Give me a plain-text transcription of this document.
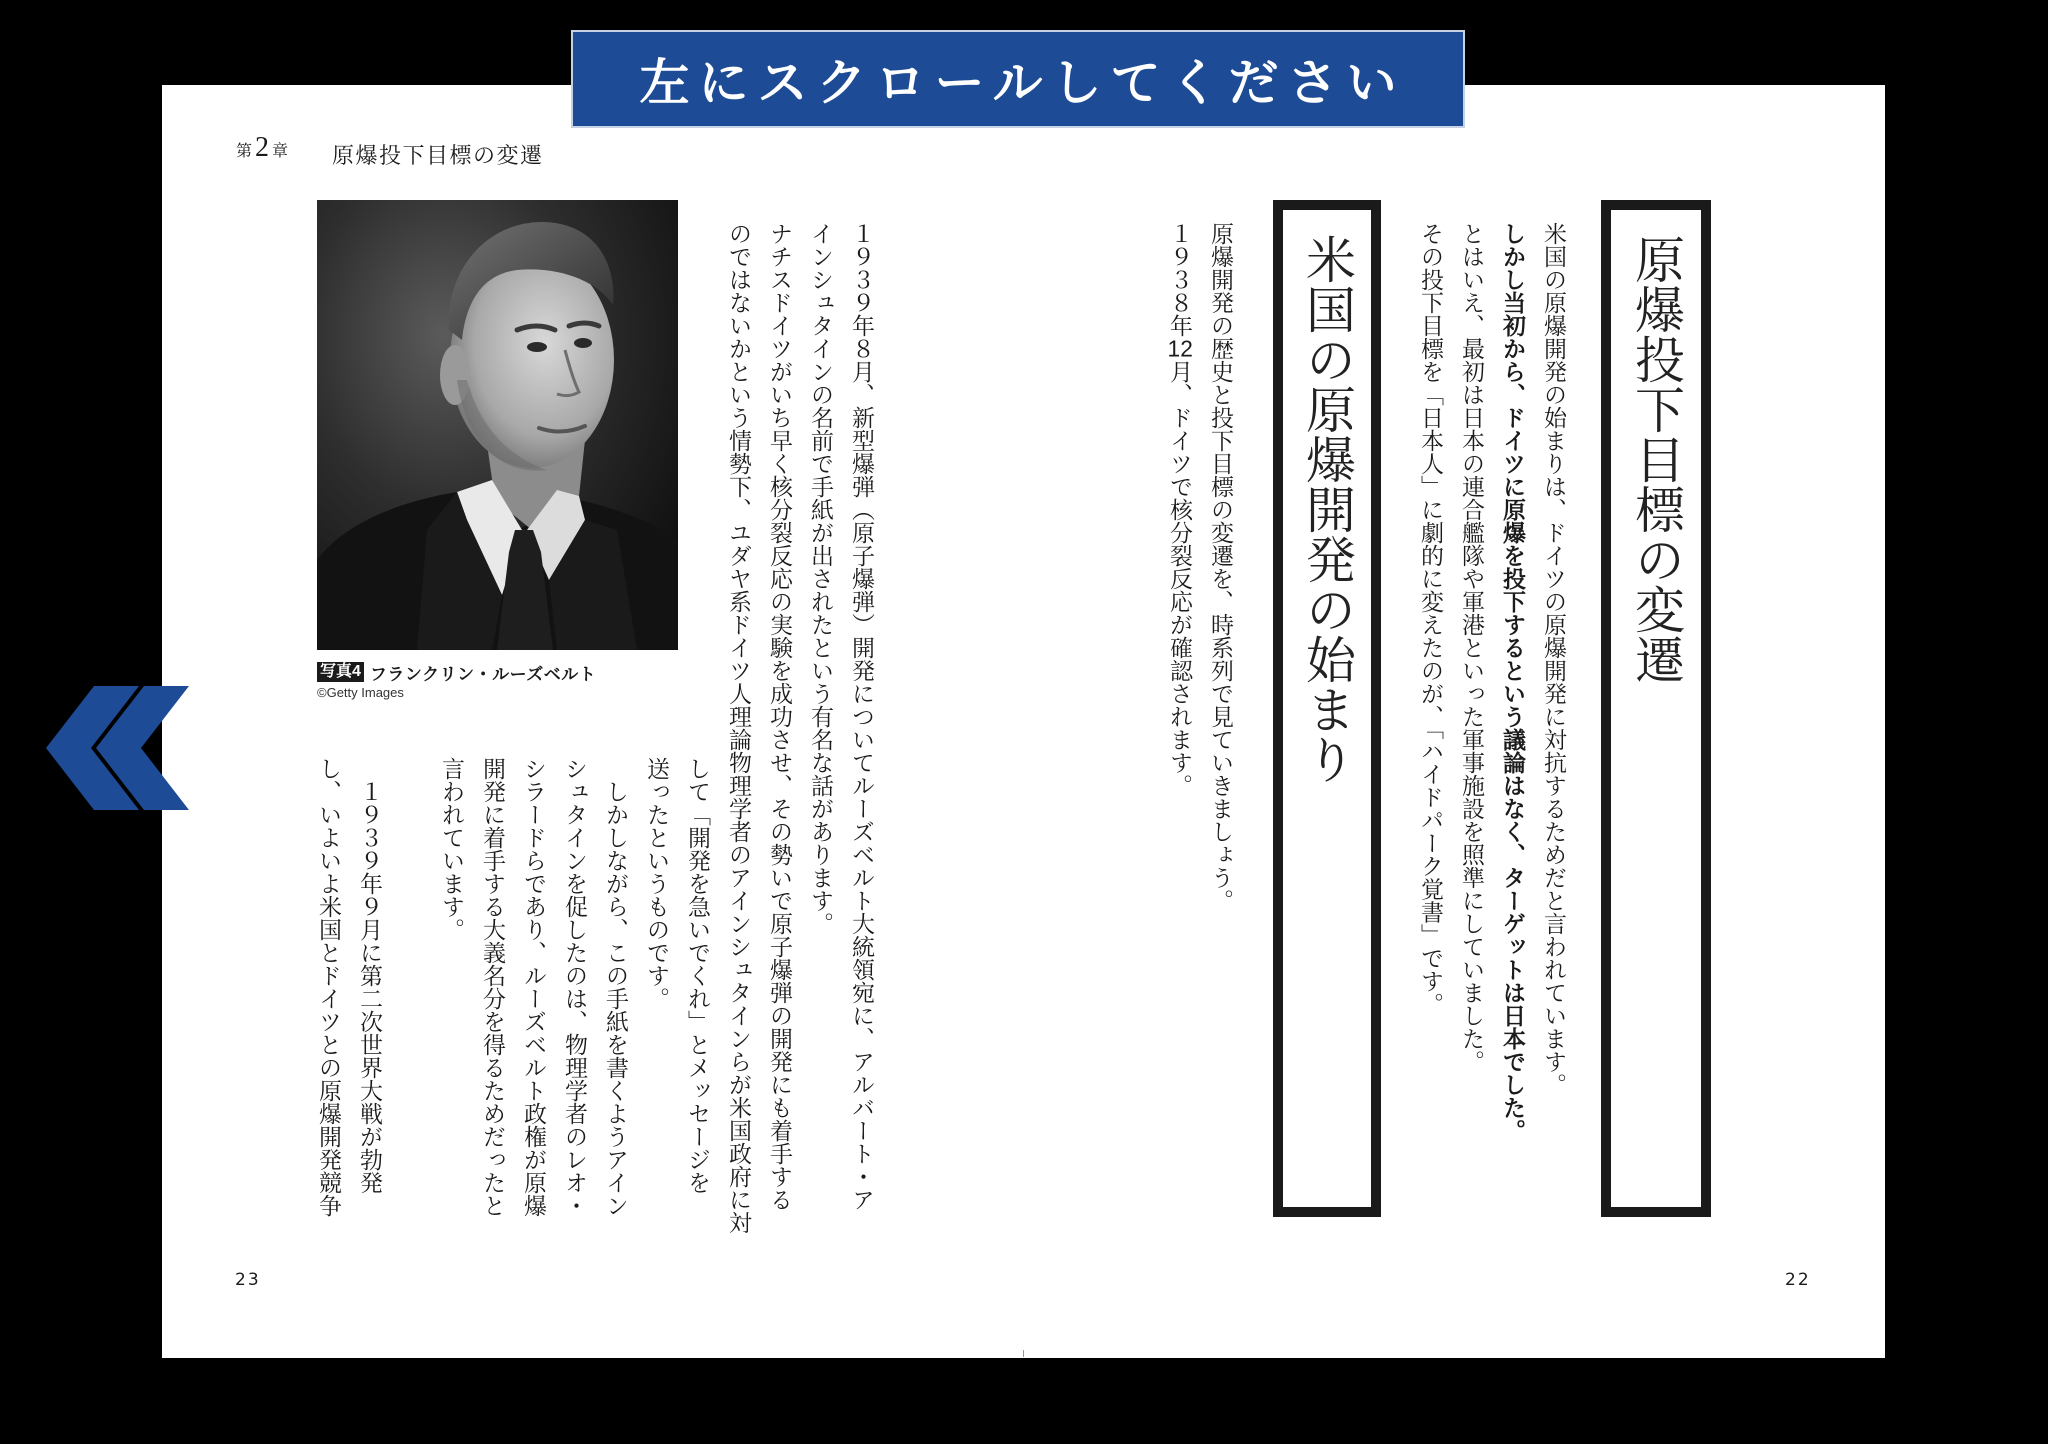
左にスクロールしてください
第 2 章 原爆投下目標の変遷
写真4 フランクリン・ルーズベルト
©Getty Images	１９３９年８月、新型爆弾（原子爆弾）開発についてルーズベルト大統領宛に、アルバート・ア
インシュタインの名前で手紙が出されたという有名な話があります。
ナチスドイツがいち早く核分裂反応の実験を成功させ、その勢いで原子爆弾の開発にも着手する
のではないかという情勢下、ユダヤ系ドイツ人理論物理学者のアインシュタインらが米国政府に対
して「開発を急いでくれ」とメッセージを
送ったというものです。
しかしながら、この手紙を書くようアイン
シュタインを促したのは、物理学者のレオ・
シラードらであり、ルーズベルト政権が原爆
開発に着手する大義名分を得るためだったと
言われています。
１９３９年９月に第二次世界大戦が勃発
し、いよいよ米国とドイツとの原爆開発競争
23
原爆投下目標の変遷
米国の原爆開発の始まりは、ドイツの原爆開発に対抗するためだと言われています。
しかし当初から、ドイツに原爆を投下するという議論はなく、ターゲットは日本でした。
とはいえ、最初は日本の連合艦隊や軍港といった軍事施設を照準にしていました。
その投下目標を「日本人」に劇的に変えたのが、「ハイドパーク覚書」です。
米国の原爆開発の始まり
原爆開発の歴史と投下目標の変遷を、時系列で見ていきましょう。
１９３８年12月、ドイツで核分裂反応が確認されます。
22
